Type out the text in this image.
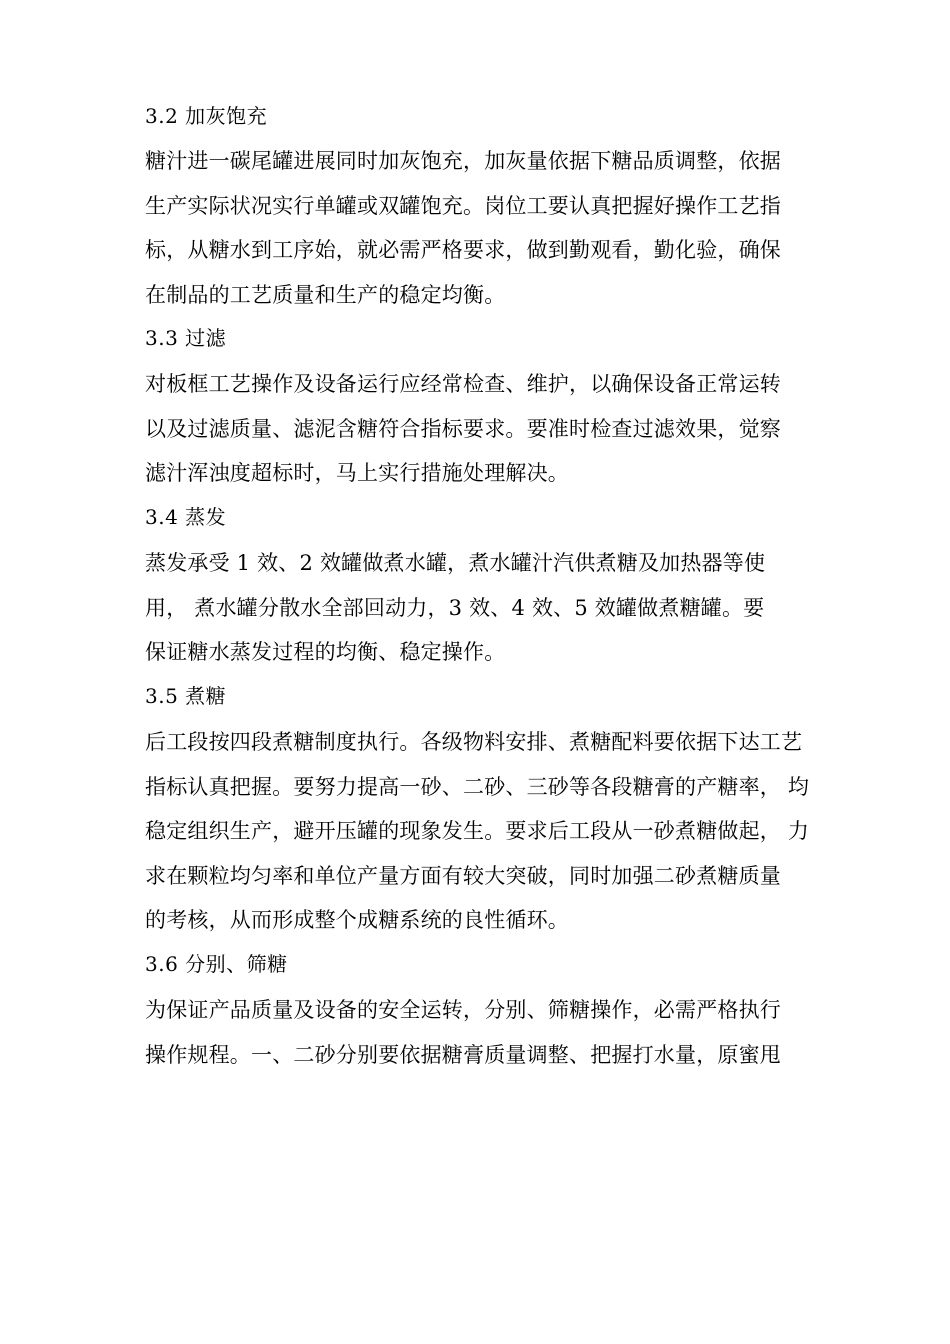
3.2 加灰饱充
糖汁进一碳尾罐进展同时加灰饱充，加灰量依据下糖品质调整，依据
生产实际状况实行单罐或双罐饱充。岗位工要认真把握好操作工艺指
标，从糖水到工序始，就必需严格要求，做到勤观看，勤化验，确保
在制品的工艺质量和生产的稳定均衡。
3.3 过滤
对板框工艺操作及设备运行应经常检查、维护，以确保设备正常运转
以及过滤质量、滤泥含糖符合指标要求。要准时检查过滤效果，觉察
滤汁浑浊度超标时，马上实行措施处理解决。
3.4 蒸发
蒸发承受 1 效、2 效罐做煮水罐，煮水罐汁汽供煮糖及加热器等使
用， 煮水罐分散水全部回动力，3 效、4 效、5 效罐做煮糖罐。要
保证糖水蒸发过程的均衡、稳定操作。
3.5 煮糖
后工段按四段煮糖制度执行。各级物料安排、煮糖配料要依据下达工艺
指标认真把握。要努力提高一砂、二砂、三砂等各段糖膏的产糖率， 均
稳定组织生产，避开压罐的现象发生。要求后工段从一砂煮糖做起， 力
求在颗粒均匀率和单位产量方面有较大突破，同时加强二砂煮糖质量
的考核，从而形成整个成糖系统的良性循环。
3.6 分别、筛糖
为保证产品质量及设备的安全运转，分别、筛糖操作，必需严格执行
操作规程。一、二砂分别要依据糖膏质量调整、把握打水量，原蜜甩
